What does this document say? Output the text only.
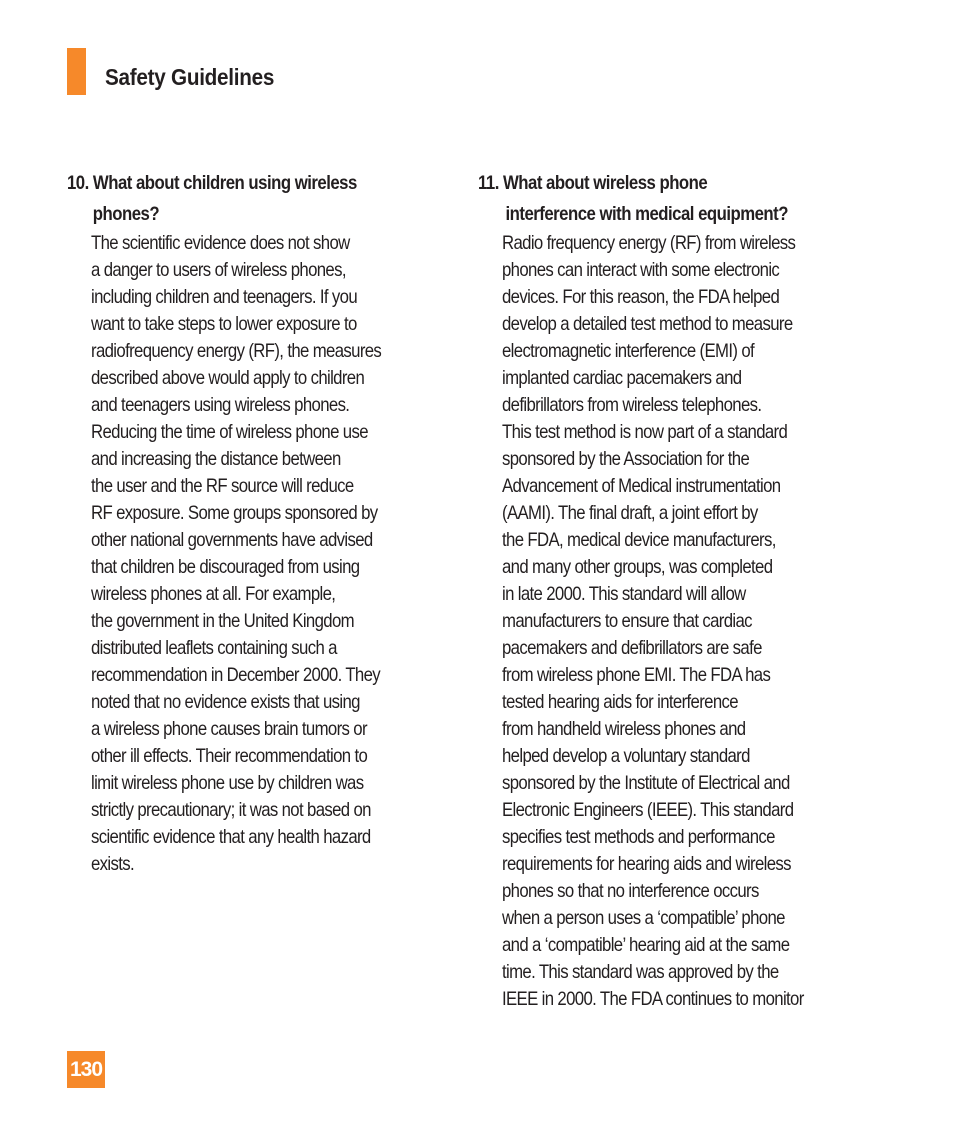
Safety Guidelines
10. What about children using wireless
phones?
The scientific evidence does not show
a danger to users of wireless phones,
including children and teenagers. If you
want to take steps to lower exposure to
radiofrequency energy (RF), the measures
described above would apply to children
and teenagers using wireless phones.
Reducing the time of wireless phone use
and increasing the distance between
the user and the RF source will reduce
RF exposure. Some groups sponsored by
other national governments have advised
that children be discouraged from using
wireless phones at all. For example,
the government in the United Kingdom
distributed leaflets containing such a
recommendation in December 2000. They
noted that no evidence exists that using
a wireless phone causes brain tumors or
other ill effects. Their recommendation to
limit wireless phone use by children was
strictly precautionary; it was not based on
scientific evidence that any health hazard
exists.
11. What about wireless phone
interference with medical equipment?
Radio frequency energy (RF) from wireless
phones can interact with some electronic
devices. For this reason, the FDA helped
develop a detailed test method to measure
electromagnetic interference (EMI) of
implanted cardiac pacemakers and
defibrillators from wireless telephones.
This test method is now part of a standard
sponsored by the Association for the
Advancement of Medical instrumentation
(AAMI). The final draft, a joint effort by
the FDA, medical device manufacturers,
and many other groups, was completed
in late 2000. This standard will allow
manufacturers to ensure that cardiac
pacemakers and defibrillators are safe
from wireless phone EMI. The FDA has
tested hearing aids for interference
from handheld wireless phones and
helped develop a voluntary standard
sponsored by the Institute of Electrical and
Electronic Engineers (IEEE). This standard
specifies test methods and performance
requirements for hearing aids and wireless
phones so that no interference occurs
when a person uses a ‘compatible’ phone
and a ‘compatible’ hearing aid at the same
time. This standard was approved by the
IEEE in 2000. The FDA continues to monitor
130
